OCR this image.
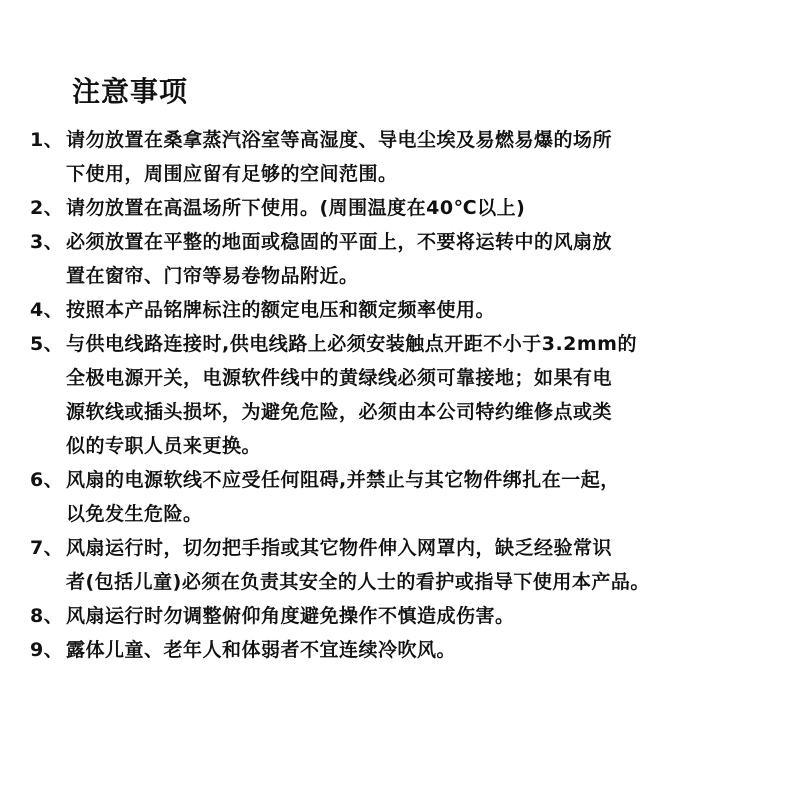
注意事项
1、 请勿放置在桑拿蒸汽浴室等高湿度、导电尘埃及易燃易爆的场所
下使用，周围应留有足够的空间范围。
2、 请勿放置在高温场所下使用。(周围温度在40℃以上)
3、 必须放置在平整的地面或稳固的平面上，不要将运转中的风扇放
置在窗帘、门帘等易卷物品附近。
4、 按照本产品铭牌标注的额定电压和额定频率使用。
5、 与供电线路连接时,供电线路上必须安装触点开距不小于3.2mm的
全极电源开关，电源软件线中的黄绿线必须可靠接地；如果有电
源软线或插头损坏，为避免危险，必须由本公司特约维修点或类
似的专职人员来更换。
6、 风扇的电源软线不应受任何阻碍,并禁止与其它物件绑扎在一起，
以免发生危险。
7、 风扇运行时，切勿把手指或其它物件伸入网罩内，缺乏经验常识
者(包括儿童)必须在负责其安全的人士的看护或指导下使用本产品。
8、 风扇运行时勿调整俯仰角度避免操作不慎造成伤害。
9、 露体儿童、老年人和体弱者不宜连续冷吹风。
